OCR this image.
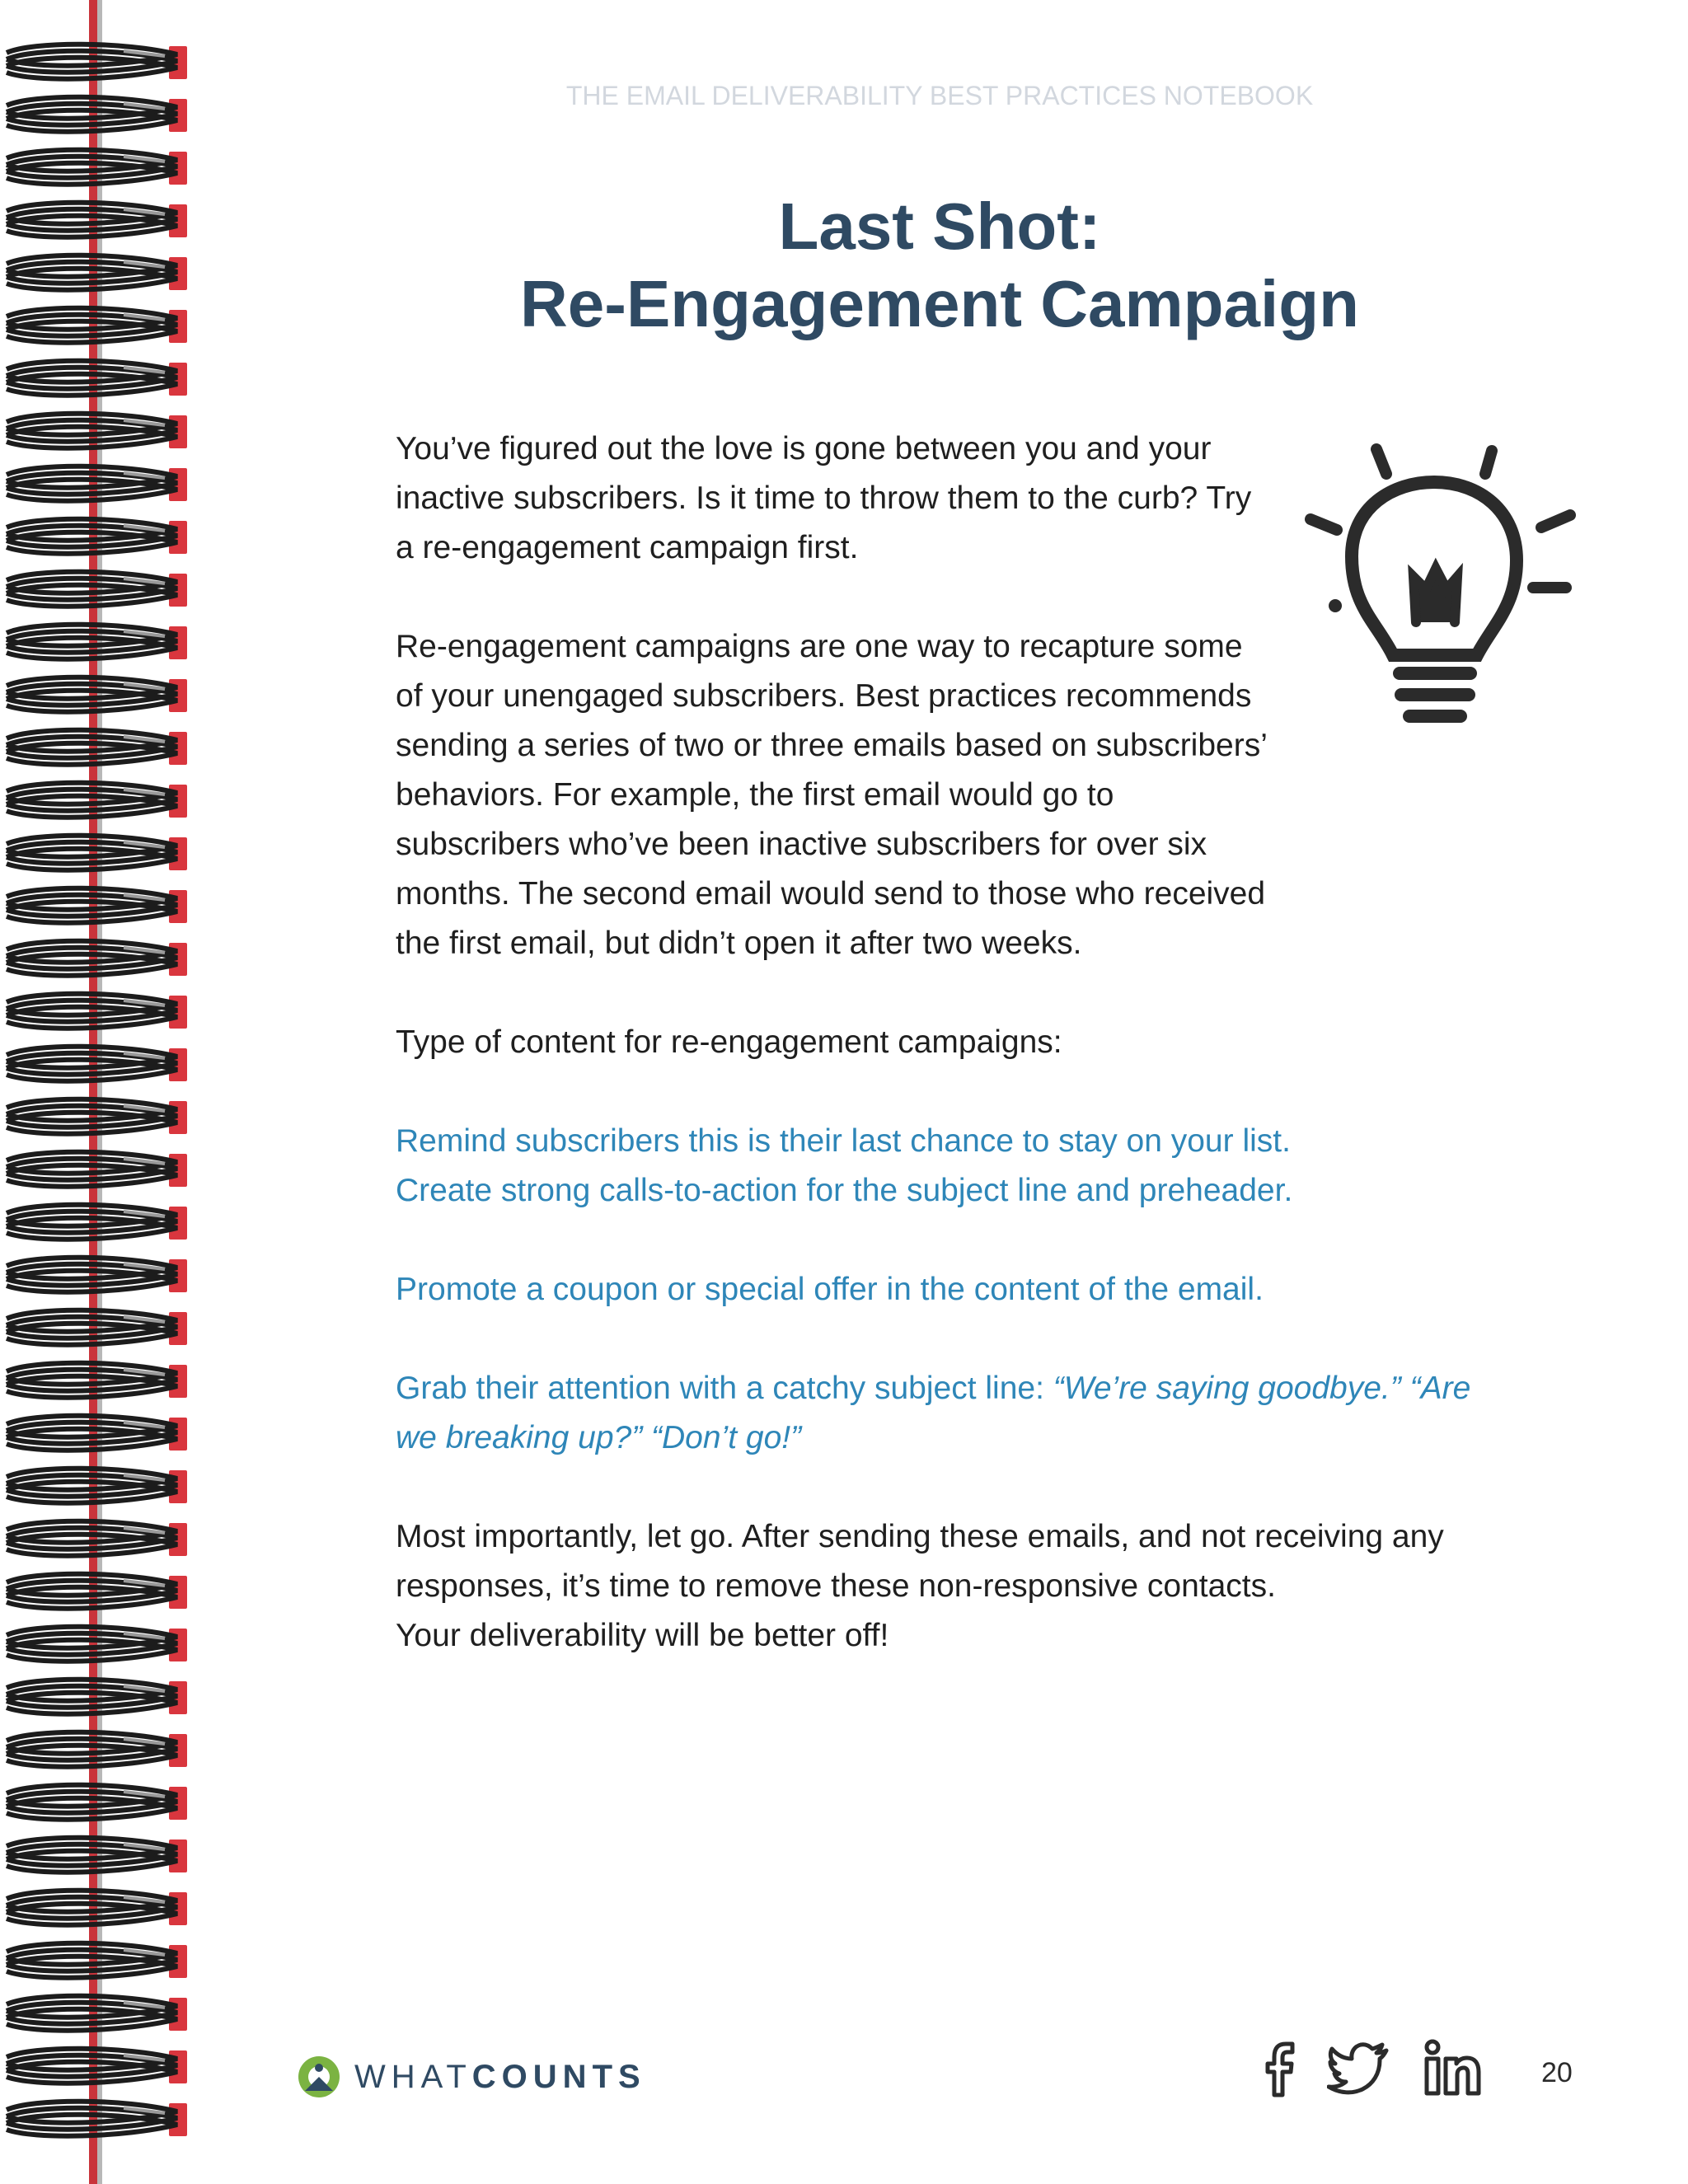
THE EMAIL DELIVERABILITY BEST PRACTICES NOTEBOOK
Last Shot:
Re-Engagement Campaign

You’ve figured out the love is gone between you and your inactive subscribers. Is it time to throw them to the curb? Try a re-engagement campaign first.

Re-engagement campaigns are one way to recapture some of your unengaged subscribers. Best practices recommends sending a series of two or three emails based on subscribers’ behaviors. For example, the first email would go to subscribers who’ve been inactive subscribers for over six months. The second email would send to those who received the first email, but didn’t open it after two weeks.

Type of content for re-engagement campaigns:

Remind subscribers this is their last chance to stay on your list.
Create strong calls-to-action for the subject line and preheader.

Promote a coupon or special offer in the content of the email.

Grab their attention with a catchy subject line: “We’re saying goodbye.” “Are we breaking up?” “Don’t go!”

Most importantly, let go. After sending these emails, and not receiving any responses, it’s time to remove these non-responsive contacts.
Your deliverability will be better off!

WHATCOUNTS	20
